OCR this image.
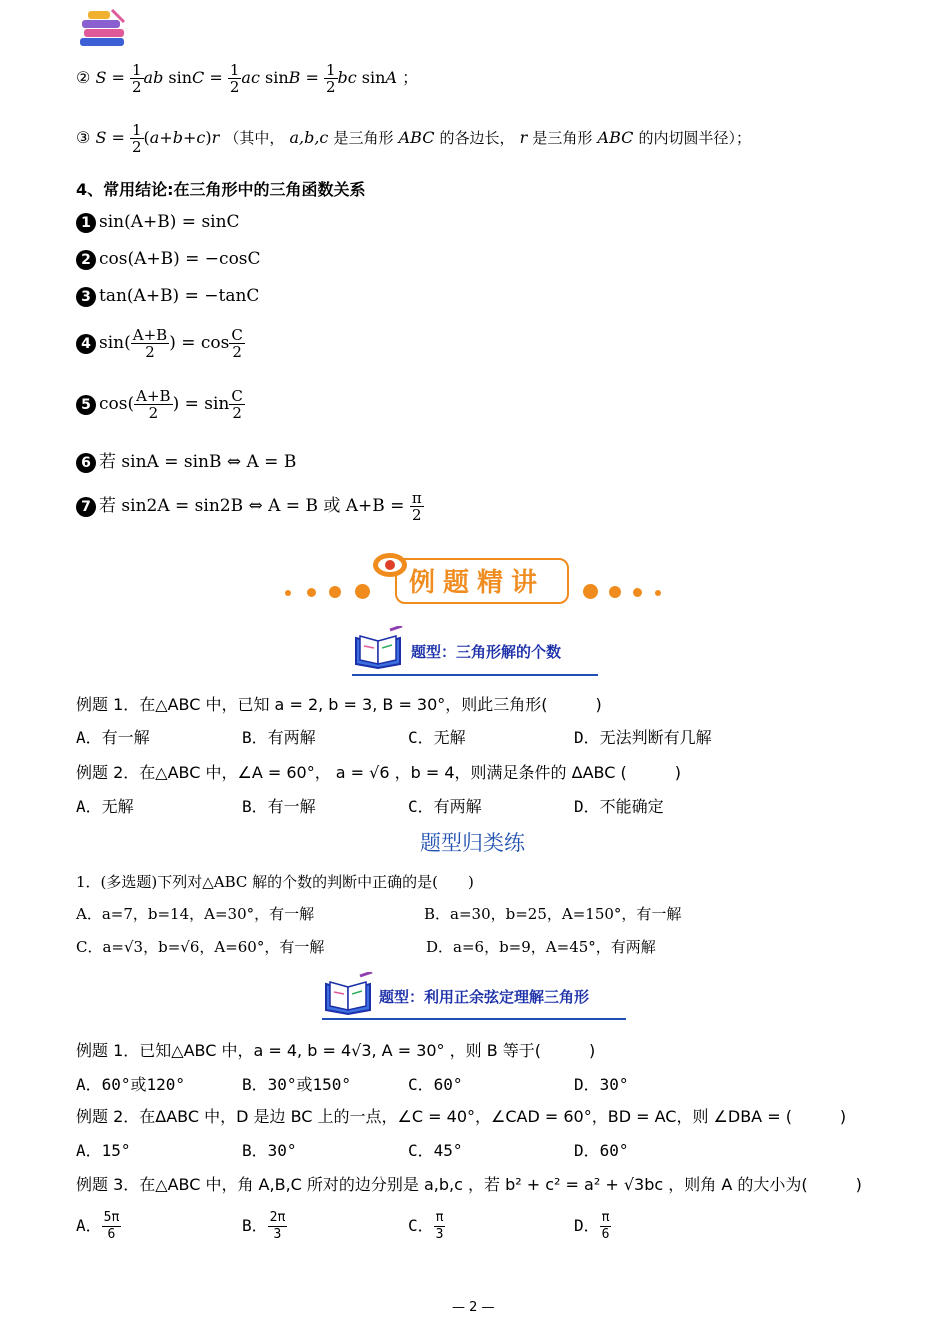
② $S = \frac{1}{2}$ ab $\sin C = \frac{1}{2}$ ac $\sin B = \frac{1}{2}$ bc sinA ；
③ $S = \frac{1}{2} (a+b+c)r$ （其中， a,b,c 是三角形 ABC 的各边长， r 是三角形 ABC 的内切圆半径）；
4、常用结论:在三角形中的三角函数关系
1 sin(A+B) = sinC
2 cos(A+B) = −cosC
3 tan(A+B) = −tanC
4 $\sin( \frac{A+B}{2}$ ) = $\cos \frac{C}{2}$
5 $\cos( \frac{A+B}{2}$ ) = $\sin \frac{C}{2}$
6 若 sinA = sinB ⇔ A = B
7 若 sin2A = sin2B ⇔ A = B 或 $A+B = \frac{\pi}{2}$
例题精讲
题型：三角形解的个数
例题 1．在△ABC 中，已知 a = 2, b = 3, B = 30°，则此三角形(　　　)
A．有一解	B．有两解	C．无解	D．无法判断有几解
例题 2．在△ABC 中，∠A = 60°， a = √6 ，b = 4，则满足条件的 ΔABC (　　　)
A．无解	B．有一解	C．有两解	D．不能确定
题型归类练
1．(多选题)下列对△ABC 解的个数的判断中正确的是(　　)
A．a=7，b=14，A=30°，有一解	B．a=30，b=25，A=150°，有一解
C．a=√3，b=√6，A=60°，有一解	D．a=6，b=9，A=45°，有两解
题型：利用正余弦定理解三角形
例题 1．已知△ABC 中，a = 4, b = 4√3, A = 30° ，则 B 等于(　　　)
A．60°或120°	B．30°或150°	C．60°	D．30°
例题 2．在ΔABC 中，D 是边 BC 上的一点，∠C = 40°，∠CAD = 60°，BD = AC，则 ∠DBA = (　　　)
A．15°	B．30°	C．45°	D．60°
例题 3．在△ABC 中，角 A,B,C 所对的边分别是 a,b,c ，若 b² + c² = a² + √3bc ，则角 A 的大小为(　　　)
A． $\frac{5\pi}{6}$	B． $\frac{2\pi}{3}$	C． $\frac{\pi}{3}$	D． $\frac{\pi}{6}$
— 2 —
